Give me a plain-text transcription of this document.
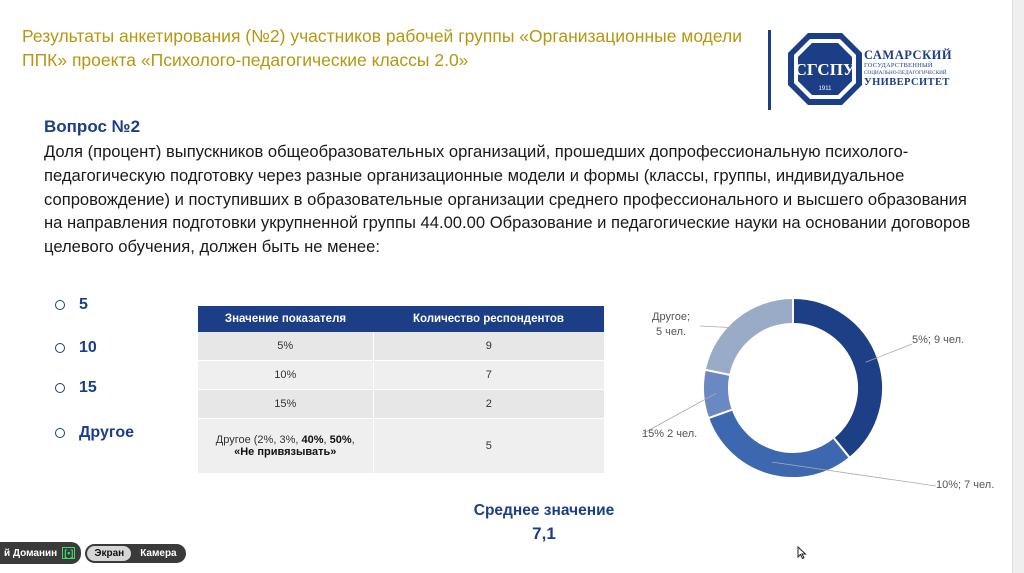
Результаты анкетирования (№2) участников рабочей группы «Организационные модели ППК» проекта «Психолого-педагогические классы 2.0»	СГСПУ
1911
САМАРСКИЙ
ГОСУДАРСТВЕННЫЙ
СОЦИАЛЬНО-ПЕДАГОГИЧЕСКИЙ
УНИВЕРСИТЕТ
Вопрос №2
Доля (процент) выпускников общеобразовательных организаций, прошедших допрофессиональную психолого-педагогическую подготовку через разные организационные модели и формы (классы, группы, индивидуальное сопровождение) и поступивших в образовательные организации среднего профессионального и высшего образования на направления подготовки укрупненной группы 44.00.00 Образование и педагогические науки на основании договоров целевого обучения, должен быть не менее:
5
10
15
Другое
Значение показателя	Количество респондентов
5%	9
10%	7
15%	2
Другое (2%, 3%, 40%, 50%,
«Не привязывать»	5
5%; 9 чел.
10%; 7 чел.
15% 2 чел.
Другое;
5 чел.
Среднее значение
7,1
й Доманин [•]	Экран	Камера
